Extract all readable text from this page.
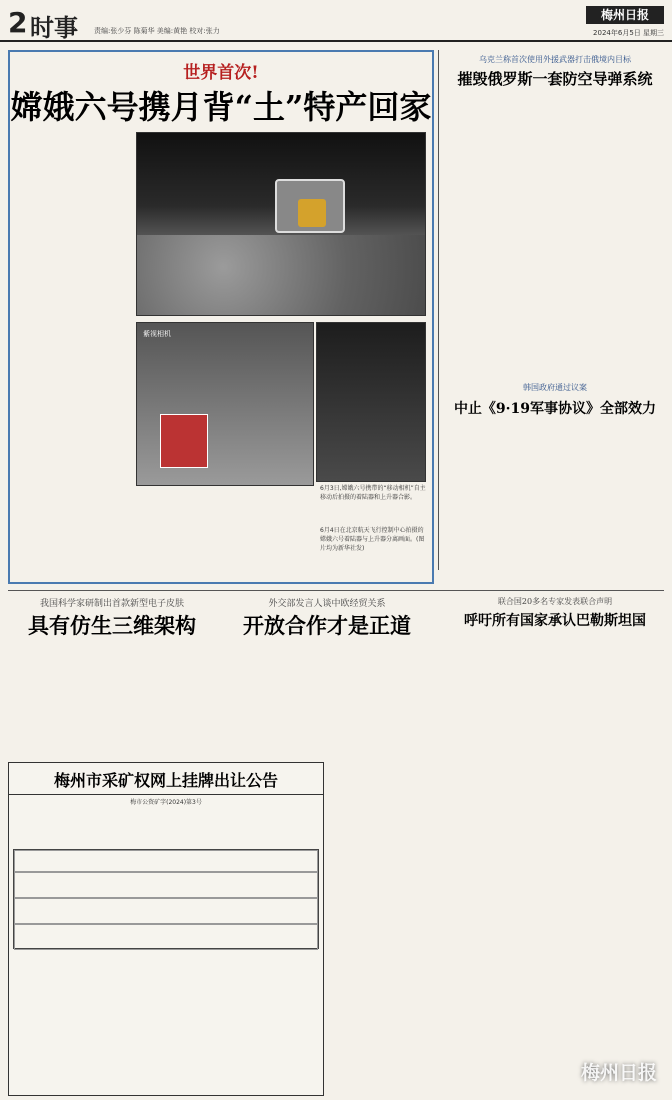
2 时事 责编:张少芬 陈菊华 美编:黄艳 校对:张力
梅州日报
2024年6月5日 星期三
世界首次!
嫦娥六号携月背“土”特产回家
紫视相机
6月3日,嫦娥六号携带的“移动相机”自主移动后拍摄的着陆器和上升器合影。
6月4日在北京航天飞行控制中心拍摄的嫦娥六号着陆器与上升器分离画面。(图片均为新华社发)
乌克兰称首次使用外援武器打击俄境内目标
摧毁俄罗斯一套防空导弹系统
韩国政府通过议案
中止《9·19军事协议》全部效力
我国科学家研制出首款新型电子皮肤
具有仿生三维架构
外交部发言人谈中欧经贸关系
开放合作才是正道
联合国20多名专家发表联合声明
呼吁所有国家承认巴勒斯坦国
梅州市采矿权网上挂牌出让公告
梅市公资矿字(2024)第3号
梅州日报
